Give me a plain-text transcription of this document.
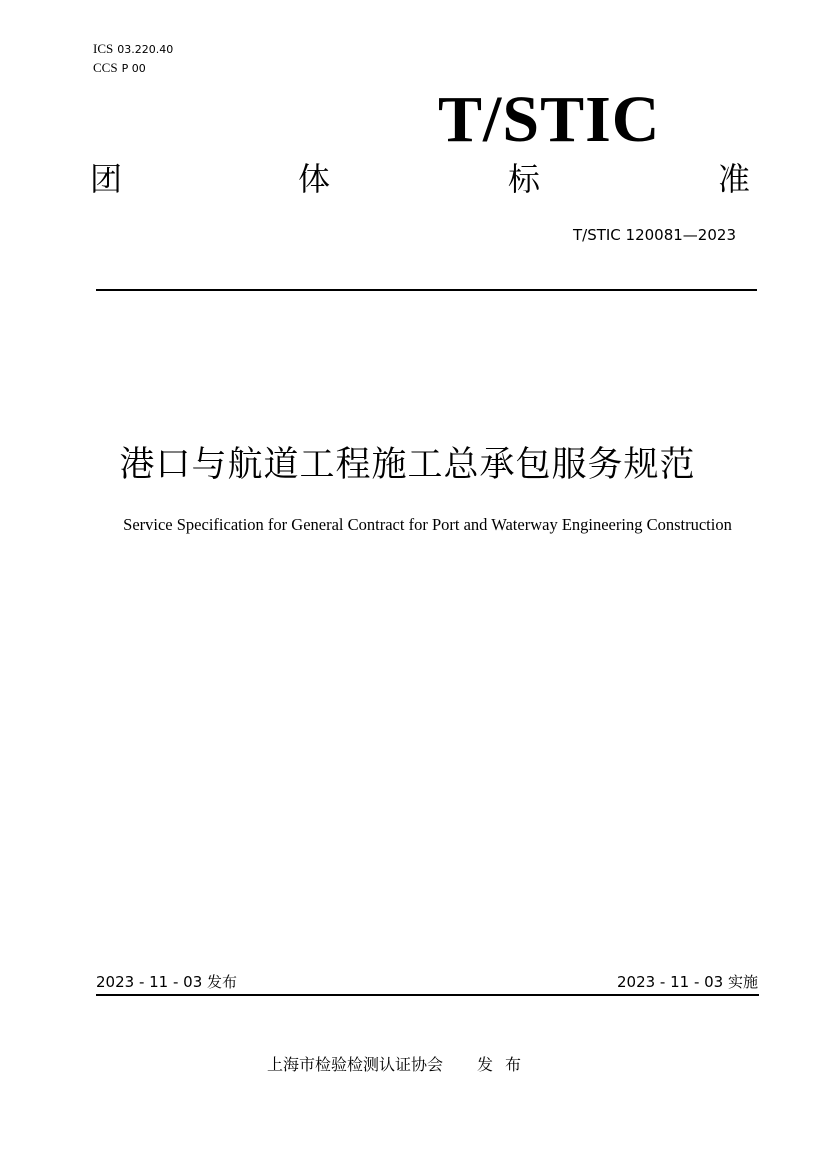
ICS 03.220.40
CCS P 00
T/STIC
团	体	标	准
T/STIC 120081—2023
港口与航道工程施工总承包服务规范
Service Specification for General Contract for Port and Waterway Engineering Construction
2023 - 11 - 03 发布	2023 - 11 - 03 实施
上海市检验检测认证协会 发布
